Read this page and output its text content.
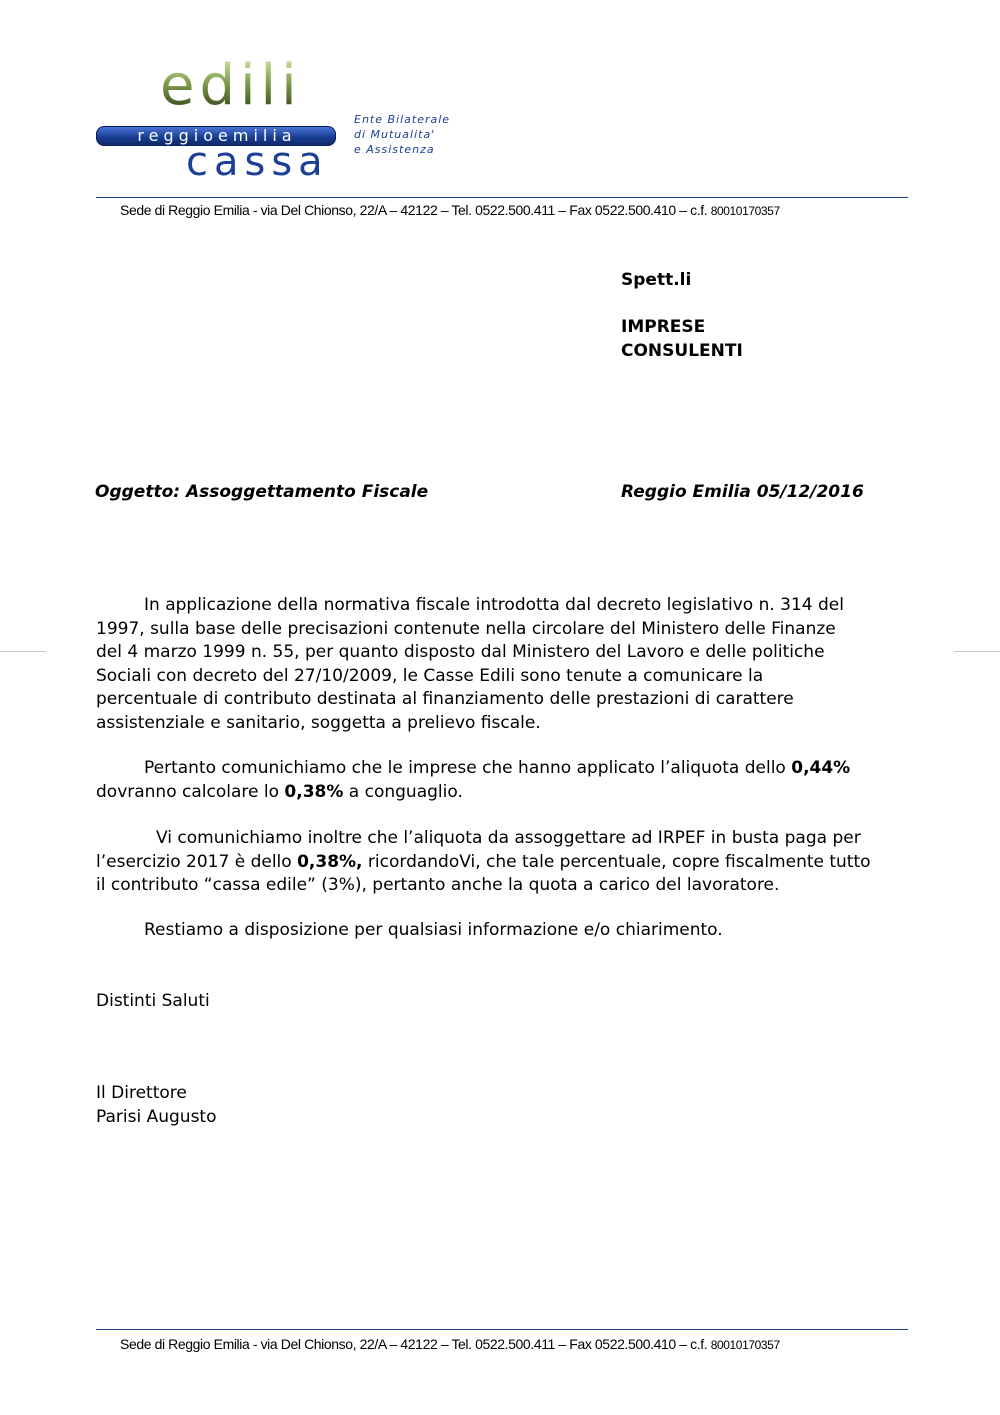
edili
reggioemilia
cassa
Ente Bilaterale
di Mutualita'
e Assistenza
Sede di Reggio Emilia - via Del Chionso, 22/A – 42122 – Tel. 0522.500.411 – Fax 0522.500.410 – c.f. 80010170357
Spett.li
IMPRESE
CONSULENTI
Oggetto: Assoggettamento Fiscale	Reggio Emilia 05/12/2016
In applicazione della normativa fiscale introdotta dal decreto legislativo n. 314 del
1997, sulla base delle precisazioni contenute nella circolare del Ministero delle Finanze
del 4 marzo 1999 n. 55, per quanto disposto dal Ministero del Lavoro e delle politiche
Sociali con decreto del 27/10/2009, le Casse Edili sono tenute a comunicare la
percentuale di contributo destinata al finanziamento delle prestazioni di carattere
assistenziale e sanitario, soggetta a prelievo fiscale.
Pertanto comunichiamo che le imprese che hanno applicato l’aliquota dello 0,44%
dovranno calcolare lo 0,38% a conguaglio.
Vi comunichiamo inoltre che l’aliquota da assoggettare ad IRPEF in busta paga per
l’esercizio 2017 è dello 0,38%, ricordandoVi, che tale percentuale, copre fiscalmente tutto
il contributo “cassa edile” (3%), pertanto anche la quota a carico del lavoratore.
Restiamo a disposizione per qualsiasi informazione e/o chiarimento.
Distinti Saluti
Il Direttore
Parisi Augusto
Sede di Reggio Emilia - via Del Chionso, 22/A – 42122 – Tel. 0522.500.411 – Fax 0522.500.410 – c.f. 80010170357
